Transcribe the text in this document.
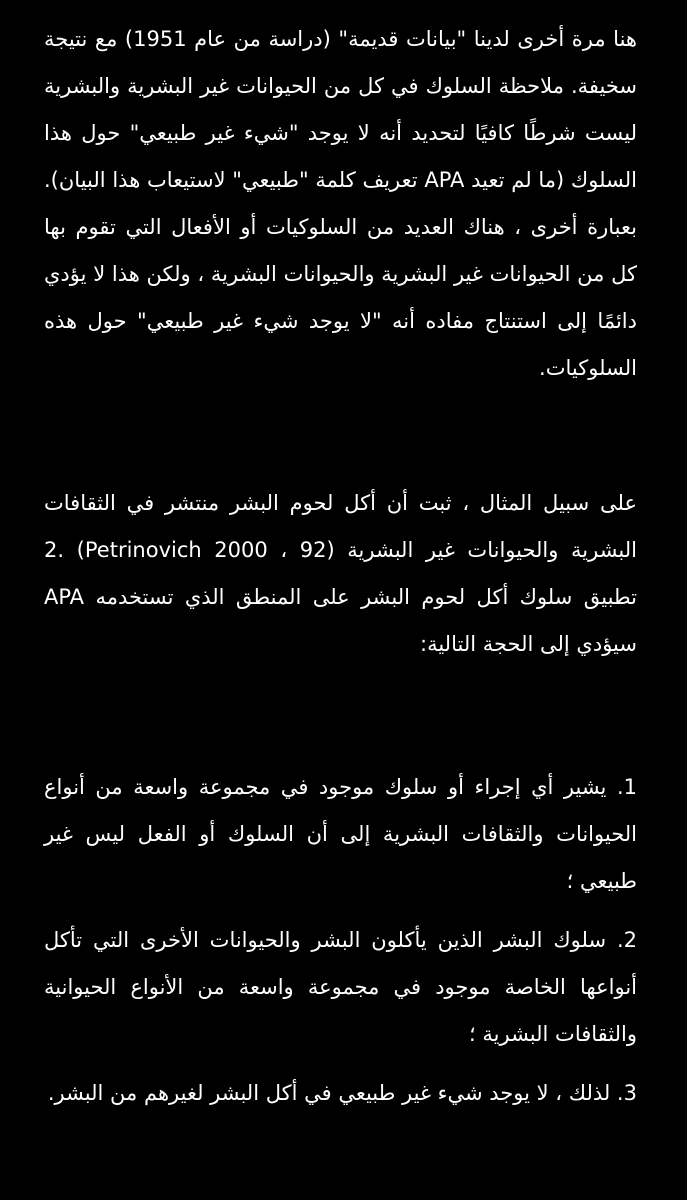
هنا مرة أخرى لدينا "بيانات قديمة" (دراسة من عام 1951) مع نتيجة سخيفة. ملاحظة السلوك في كل من الحيوانات غير البشرية والبشرية ليست شرطًا كافيًا لتحديد أنه لا يوجد "شيء غير طبيعي" حول هذا السلوك (ما لم تعيد APA تعريف كلمة "طبيعي" لاستيعاب هذا البيان). بعبارة أخرى ، هناك العديد من السلوكيات أو الأفعال التي تقوم بها كل من الحيوانات غير البشرية والحيوانات البشرية ، ولكن هذا لا يؤدي دائمًا إلى استنتاج مفاده أنه "لا يوجد شيء غير طبيعي" حول هذه السلوكيات.

على سبيل المثال ، ثبت أن أكل لحوم البشر منتشر في الثقافات البشرية والحيوانات غير البشرية (Petrinovich 2000 ، 92) .2 تطبيق سلوك أكل لحوم البشر على المنطق الذي تستخدمه APA سيؤدي إلى الحجة التالية:

1. يشير أي إجراء أو سلوك موجود في مجموعة واسعة من أنواع الحيوانات والثقافات البشرية إلى أن السلوك أو الفعل ليس غير طبيعي ؛

2. سلوك البشر الذين يأكلون البشر والحيوانات الأخرى التي تأكل أنواعها الخاصة موجود في مجموعة واسعة من الأنواع الحيوانية والثقافات البشرية ؛

3. لذلك ، لا يوجد شيء غير طبيعي في أكل البشر لغيرهم من البشر.
